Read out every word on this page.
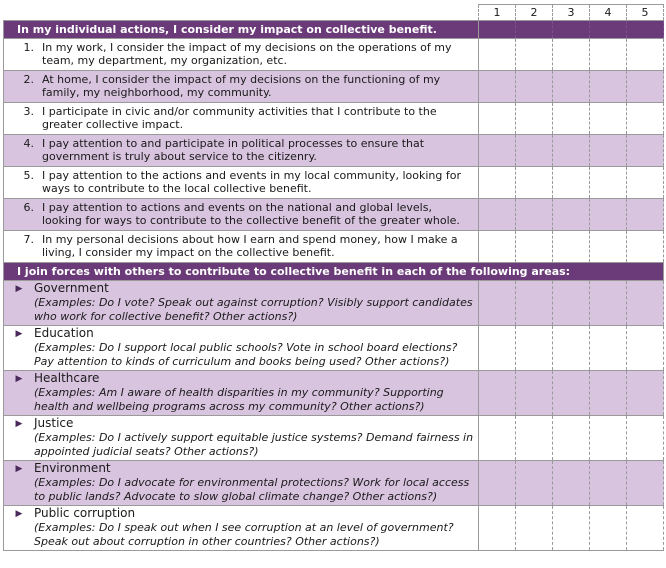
	1	2	3	4	5
In my individual actions, I consider my impact on collective benefit.					

1. In my work, I consider the impact of my decisions on the operations of my team, my department, my organization, etc.					

2. At home, I consider the impact of my decisions on the functioning of my family, my neighborhood, my community.					

3. I participate in civic and/or community activities that I contribute to the greater collective impact.					

4. I pay attention to and participate in political processes to ensure that government is truly about service to the citizenry.					

5. I pay attention to the actions and events in my local community, looking for ways to contribute to the local collective benefit.					

6. I pay attention to actions and events on the national and global levels, looking for ways to contribute to the collective benefit of the greater whole.					

7. In my personal decisions about how I earn and spend money, how I make a living, I consider my impact on the collective benefit.					

I join forces with others to contribute to collective benefit in each of the following areas:					

▶ Government
(Examples: Do I vote? Speak out against corruption? Visibly support candidates who work for collective benefit? Other actions?)					

▶ Education
(Examples: Do I support local public schools? Vote in school board elections? Pay attention to kinds of curriculum and books being used? Other actions?)					

▶ Healthcare
(Examples: Am I aware of health disparities in my community? Supporting health and wellbeing programs across my community? Other actions?)					

▶ Justice
(Examples: Do I actively support equitable justice systems? Demand fairness in appointed judicial seats? Other actions?)					

▶ Environment
(Examples: Do I advocate for environmental protections? Work for local access to public lands? Advocate to slow global climate change? Other actions?)					

▶ Public corruption
(Examples: Do I speak out when I see corruption at an level of government? Speak out about corruption in other countries? Other actions?)					
